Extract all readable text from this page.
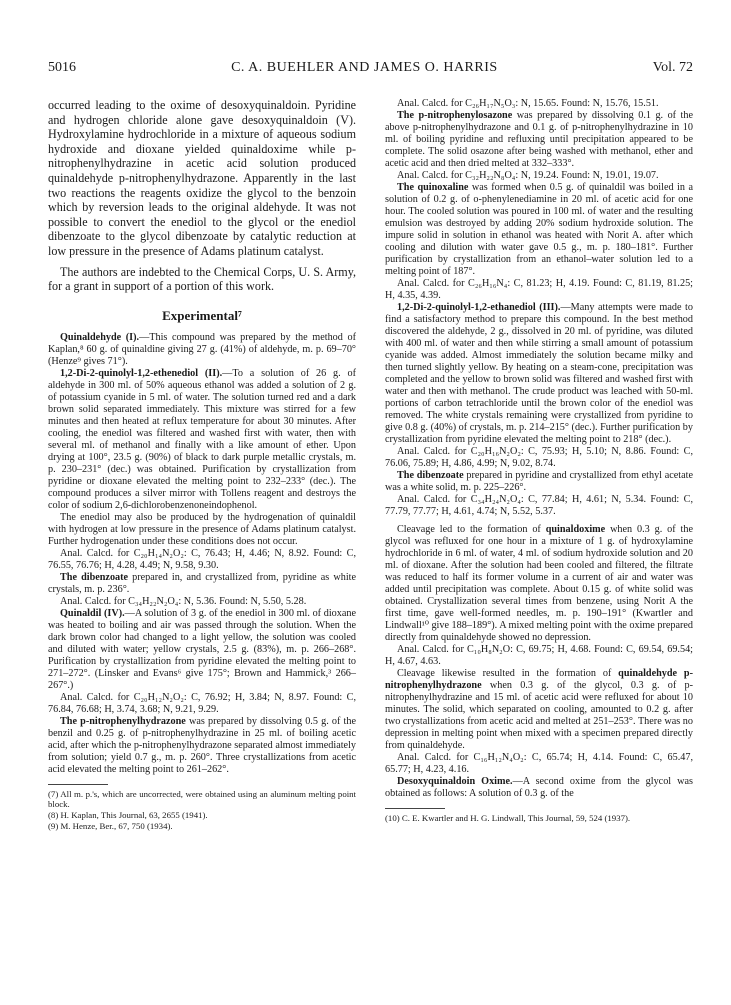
5016	C. A. BUEHLER AND JAMES O. HARRIS	Vol. 72

occurred leading to the oxime of desoxyquinaldoin. Pyridine and hydrogen chloride alone gave desoxyquinaldoin (V). Hydroxylamine hydrochloride in a mixture of aqueous sodium hydroxide and dioxane yielded quinaldoxime while p-nitrophenylhydrazine in acetic acid solution produced quinaldehyde p-nitrophenylhydrazone. Apparently in the last two reactions the reagents oxidize the glycol to the benzoin which by reversion leads to the original aldehyde. It was not possible to convert the enediol to the glycol or the enediol dibenzoate to the glycol dibenzoate by catalytic reduction at low pressure in the presence of Adams platinum catalyst.

The authors are indebted to the Chemical Corps, U. S. Army, for a grant in support of a portion of this work.

Experimental⁷

Quinaldehyde (I).—This compound was prepared by the method of Kaplan,⁸ 60 g. of quinaldine giving 27 g. (41%) of aldehyde, m. p. 69–70° (Henze⁹ gives 71°).

1,2-Di-2-quinolyl-1,2-ethenediol (II).—To a solution of 26 g. of aldehyde in 300 ml. of 50% aqueous ethanol was added a solution of 2 g. of potassium cyanide in 5 ml. of water. The solution turned red and a dark brown solid separated immediately. This mixture was stirred for a few minutes and then heated at reflux temperature for about 30 minutes. After cooling, the enediol was filtered and washed first with water, then with several ml. of methanol and finally with a like amount of ether. Upon drying at 100°, 23.5 g. (90%) of black to dark purple metallic crystals, m. p. 230–231° (dec.) was obtained. Purification by crystallization from pyridine or dioxane elevated the melting point to 232–233° (dec.). The compound produces a silver mirror with Tollens reagent and destroys the color of sodium 2,6-dichlorobenzenoneindophenol.

The enediol may also be produced by the hydrogenation of quinaldil with hydrogen at low pressure in the presence of Adams platinum catalyst. Further hydrogenation under these conditions does not occur.

Anal. Calcd. for C₂₀H₁₄N₂O₂: C, 76.43; H, 4.46; N, 8.92. Found: C, 76.55, 76.76; H, 4.28, 4.49; N, 9.58, 9.30.

The dibenzoate prepared in, and crystallized from, pyridine as white crystals, m. p. 236°.

Anal. Calcd. for C₃₄H₂₂N₂O₄: N, 5.36. Found: N, 5.50, 5.28.

Quinaldil (IV).—A solution of 3 g. of the enediol in 300 ml. of dioxane was heated to boiling and air was passed through the solution. When the dark brown color had changed to a light yellow, the solution was cooled and diluted with water; yellow crystals, 2.5 g. (83%), m. p. 266–268°. Purification by crystallization from pyridine elevated the melting point to 271–272°. (Linsker and Evans⁶ give 175°; Brown and Hammick,³ 266–267°.)

Anal. Calcd. for C₂₀H₁₂N₂O₂: C, 76.92; H, 3.84; N, 8.97. Found: C, 76.84, 76.68; H, 3.74, 3.68; N, 9.21, 9.29.

The p-nitrophenylhydrazone was prepared by dissolving 0.5 g. of the benzil and 0.25 g. of p-nitrophenylhydrazine in 25 ml. of boiling acetic acid, after which the p-nitrophenylhydrazone separated almost immediately from solution; yield 0.7 g., m. p. 260°. Three crystallizations from acetic acid elevated the melting point to 261–262°.

(7) All m. p.'s, which are uncorrected, were obtained using an aluminum melting point block.

(8) H. Kaplan, This Journal, 63, 2655 (1941).

(9) M. Henze, Ber., 67, 750 (1934).

Anal. Calcd. for C₂₆H₁₇N₅O₃: N, 15.65. Found: N, 15.76, 15.51.

The p-nitrophenylosazone was prepared by dissolving 0.1 g. of the above p-nitrophenylhydrazone and 0.1 g. of p-nitrophenylhydrazine in 10 ml. of boiling pyridine and refluxing until precipitation appeared to be complete. The solid osazone after being washed with methanol, ether and acetic acid and then dried melted at 332–333°.

Anal. Calcd. for C₃₂H₂₂N₈O₄: N, 19.24. Found: N, 19.01, 19.07.

The quinoxaline was formed when 0.5 g. of quinaldil was boiled in a solution of 0.2 g. of o-phenylenediamine in 20 ml. of acetic acid for one hour. The cooled solution was poured in 100 ml. of water and the resulting emulsion was destroyed by adding 20% sodium hydroxide solution. The impure solid in solution in ethanol was heated with Norit A. after which cooling and dilution with water gave 0.5 g., m. p. 180–181°. Further purification by crystallization from an ethanol–water solution led to a melting point of 187°.

Anal. Calcd. for C₂₆H₁₆N₄: C, 81.23; H, 4.19. Found: C, 81.19, 81.25; H, 4.35, 4.39.

1,2-Di-2-quinolyl-1,2-ethanediol (III).—Many attempts were made to find a satisfactory method to prepare this compound. In the best method discovered the aldehyde, 2 g., dissolved in 20 ml. of pyridine, was diluted with 400 ml. of water and then while stirring a small amount of potassium cyanide was added. Almost immediately the solution became milky and then turned slightly yellow. By heating on a steam-cone, precipitation was completed and the yellow to brown solid was filtered and washed first with water and then with methanol. The crude product was leached with 50-ml. portions of carbon tetrachloride until the brown color of the enediol was removed. The white crystals remaining were crystallized from pyridine to give 0.8 g. (40%) of crystals, m. p. 214–215° (dec.). Further purification by crystallization from pyridine elevated the melting point to 218° (dec.).

Anal. Calcd. for C₂₀H₁₆N₂O₂: C, 75.93; H, 5.10; N, 8.86. Found: C, 76.06, 75.89; H, 4.86, 4.99; N, 9.02, 8.74.

The dibenzoate prepared in pyridine and crystallized from ethyl acetate was a white solid, m. p. 225–226°.

Anal. Calcd. for C₃₄H₂₄N₂O₄: C, 77.84; H, 4.61; N, 5.34. Found: C, 77.79, 77.77; H, 4.61, 4.74; N, 5.52, 5.37.

Cleavage led to the formation of quinaldoxime when 0.3 g. of the glycol was refluxed for one hour in a mixture of 1 g. of hydroxylamine hydrochloride in 6 ml. of water, 4 ml. of sodium hydroxide solution and 20 ml. of dioxane. After the solution had been cooled and filtered, the filtrate was reduced to half its former volume in a current of air and water was added until precipitation was complete. About 0.15 g. of white solid was obtained. Crystallization several times from benzene, using Norit A the first time, gave well-formed needles, m. p. 190–191° (Kwartler and Lindwall¹⁰ give 188–189°). A mixed melting point with the oxime prepared directly from quinaldehyde showed no depression.

Anal. Calcd. for C₁₀H₈N₂O: C, 69.75; H, 4.68. Found: C, 69.54, 69.54; H, 4.67, 4.63.

Cleavage likewise resulted in the formation of quinaldehyde p-nitrophenylhydrazone when 0.3 g. of the glycol, 0.3 g. of p-nitrophenylhydrazine and 15 ml. of acetic acid were refluxed for about 10 minutes. The solid, which separated on cooling, amounted to 0.2 g. after two crystallizations from acetic acid and melted at 251–253°. There was no depression in melting point when mixed with a specimen prepared directly from quinaldehyde.

Anal. Calcd. for C₁₆H₁₂N₄O₂: C, 65.74; H, 4.14. Found: C, 65.47, 65.77; H, 4.23, 4.16.

Desoxyquinaldoin Oxime.—A second oxime from the glycol was obtained as follows: A solution of 0.3 g. of the

(10) C. E. Kwartler and H. G. Lindwall, This Journal, 59, 524 (1937).
